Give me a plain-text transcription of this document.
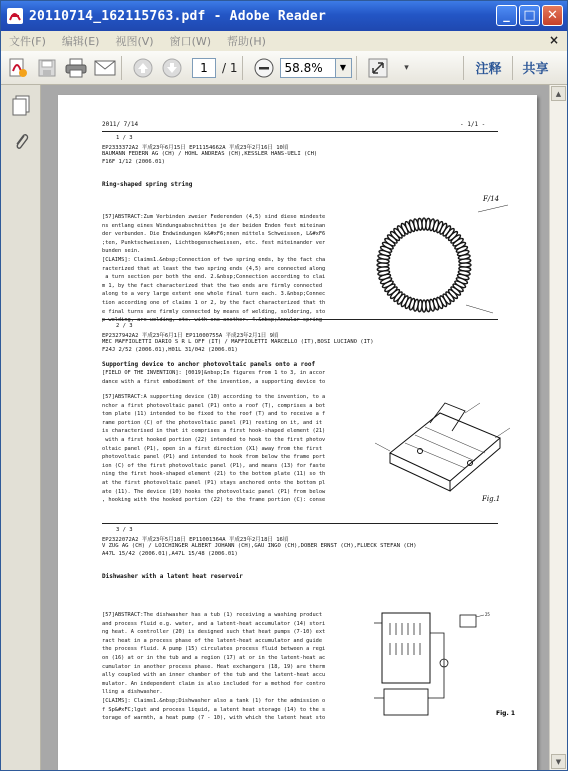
20110714_162115763.pdf - Adobe Reader	_	□ ✕
文件(F)	编辑(E)	视图(V)	窗口(W)	帮助(H)	×
1	/ 1	58.8%	▼	▾	注释 共享
2011/ 7/14	- 1/1 -
1 / 3
EP2333372A2 平成23年6月15日 EP11154662A 平成23年2月16日 10頃
BAUMANN FEDERN AG (CH) / HOHL ANDREAS (CH),KESSLER HANS-UELI (CH)
F16F 1/12 (2006.01)
Ring-shaped spring string
[57]ABSTRACT:Zum Verbinden zweier Federenden (4,5) sind diese mindeste
ns entlang eines Windungsabschnittes je der beiden Enden fest miteinan
der verbunden. Die Endwindungen k&#xF6;nnen mittels Schweissen, L&#xF6
;ten, Punktschweissen, Lichtbogenschweissen, etc. fest miteinander ver
bunden sein.
[CLAIMS]: Claims1.&nbsp;Connection of two spring ends, by the fact cha
racterized that at least the two spring ends (4,5) are connected along
a turn section per both the end. 2.&nbsp;Connection according to clai
m 1, by the fact characterized that the two ends are firmly connected
along to a very large extent one whole final turn each. 3.&nbsp;Connec
tion according one of claims 1 or 2, by the fact characterized that th
e final turns are firmly connected by means of welding, soldering, sto
p welding, arc welding, etc. with one another. 4.&nbsp;Annular spring
F/14
2 / 3
EP2327942A2 平成23年6月1日 EP11000755A 平成23年2月1日 9頃
MEC MAFFIOLETTI DARIO S R L OFF (IT) / MAFFIOLETTI MARCELLO (IT),BOSI LUCIANO (IT)
F24J 2/52 (2006.01),H01L 31/042 (2006.01)
Supporting device to anchor photovoltaic panels onto a roof
[FIELD OF THE INVENTION]: [0019]&nbsp;In figures from 1 to 3, in accor
dance with a first embodiment of the invention, a supporting device to
[57]ABSTRACT:A supporting device (10) according to the invention, to a
nchor a first photovoltaic panel (P1) onto a roof (T), comprises a bot
tom plate (11) intended to be fixed to the roof (T) and to receive a f
rame portion (C) of the photovoltaic panel (P1) resting on it, and it
is characterised in that it comprises a first hook-shaped element (21)
with a first hooked portion (22) intended to hook to the first photov
oltaic panel (P1), open in a first direction (X1) away from the first
photovoltaic panel (P1) and intended to hook from below the frame port
ion (C) of the first photovoltaic panel (P1), and means (13) for faste
ning the first hook-shaped element (21) to the bottom plate (11) so th
at the first photovoltaic panel (P1) stays anchored onto the bottom pl
ate (11). The device (10) hooks the photovoltaic panel (P1) from below
, hooking with the hooked portion (22) to the frame portion (C): conse	Fig.1
3 / 3
EP2322072A2 平成23年5月18日 EP11001364A 平成23年2月18日 16頃
V ZUG AG (CH) / LOICHINGER ALBERT JOHANN (CH),GAU INGO (CH),DOBER ERNST (CH),FLUECK STEFAN (CH)
A47L 15/42 (2006.01),A47L 15/48 (2006.01)
Dishwasher with a latent heat reservoir
[57]ABSTRACT:The dishwasher has a tub (1) receiving a washing product
and process fluid e.g. water, and a latent-heat accumulator (14) stori
ng heat. A controller (20) is designed such that heat pumps (7-10) ext
ract heat in a process phase of the latent-heat accumulator and guide
the process fluid. A pump (15) circulates process fluid between a regi
on (16) at or in the tub and a region (17) at or in the latent-heat ac
cumulator in another process phase. Heat exchangers (18, 19) are therm
ally coupled with an inner chamber of the tub and the latent-heat accu
mulator. An independent claim is also included for a method for contro
lling a dishwasher.
[CLAIMS]: Claims1.&nbsp;Dishwasher also a tank (1) for the admission o
f Sp&#xFC;lgut and process liquid, a latent heat storage (14) to the s
torage of warmth, a heat pump (7 - 10), with which the latent heat sto
25
Fig. 1
▲
▼
